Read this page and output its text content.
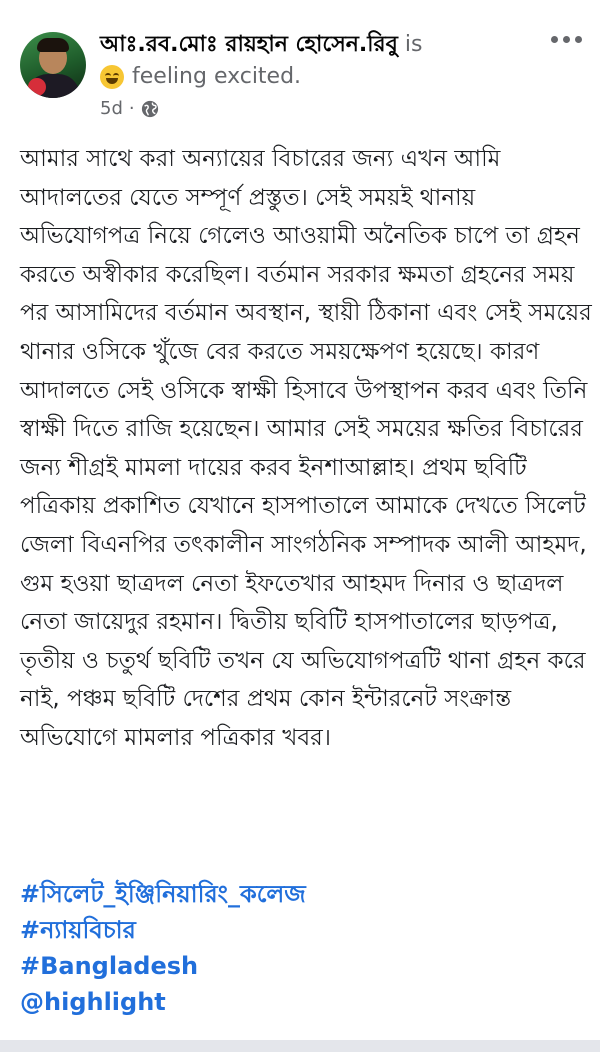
আঃ.রব.মোঃ রায়হান হোসেন.রিবু is
feeling excited.
5d ·
আমার সাথে করা অন্যায়ের বিচারের জন্য এখন আমি আদালতের যেতে সম্পূর্ণ প্রস্তুত। সেই সময়ই থানায় অভিযোগপত্র নিয়ে গেলেও আওয়ামী অনৈতিক চাপে তা গ্রহন করতে অস্বীকার করেছিল। বর্তমান সরকার ক্ষমতা গ্রহনের সময় পর আসামিদের বর্তমান অবস্থান, স্থায়ী ঠিকানা এবং সেই সময়ের থানার ওসিকে খুঁজে বের করতে সময়ক্ষেপণ হয়েছে। কারণ আদালতে সেই ওসিকে স্বাক্ষী হিসাবে উপস্থাপন করব এবং তিনি স্বাক্ষী দিতে রাজি হয়েছেন। আমার সেই সময়ের ক্ষতির বিচারের জন্য শীগ্রই মামলা দায়ের করব ইনশাআল্লাহ। প্রথম ছবিটি পত্রিকায় প্রকাশিত যেখানে হাসপাতালে আমাকে দেখতে সিলেট জেলা বিএনপির তৎকালীন সাংগঠনিক সম্পাদক আলী আহমদ, গুম হওয়া ছাত্রদল নেতা ইফতেখার আহমদ দিনার ও ছাত্রদল নেতা জায়েদুর রহমান। দ্বিতীয় ছবিটি হাসপাতালের ছাড়পত্র, তৃতীয় ও চতুর্থ ছবিটি তখন যে অভিযোগপত্রটি থানা গ্রহন করে নাই, পঞ্চম ছবিটি দেশের প্রথম কোন ইন্টারনেট সংক্রান্ত অভিযোগে মামলার পত্রিকার খবর।
#সিলেট_ইঞ্জিনিয়ারিং_কলেজ
#ন্যায়বিচার
#Bangladesh
@highlight
